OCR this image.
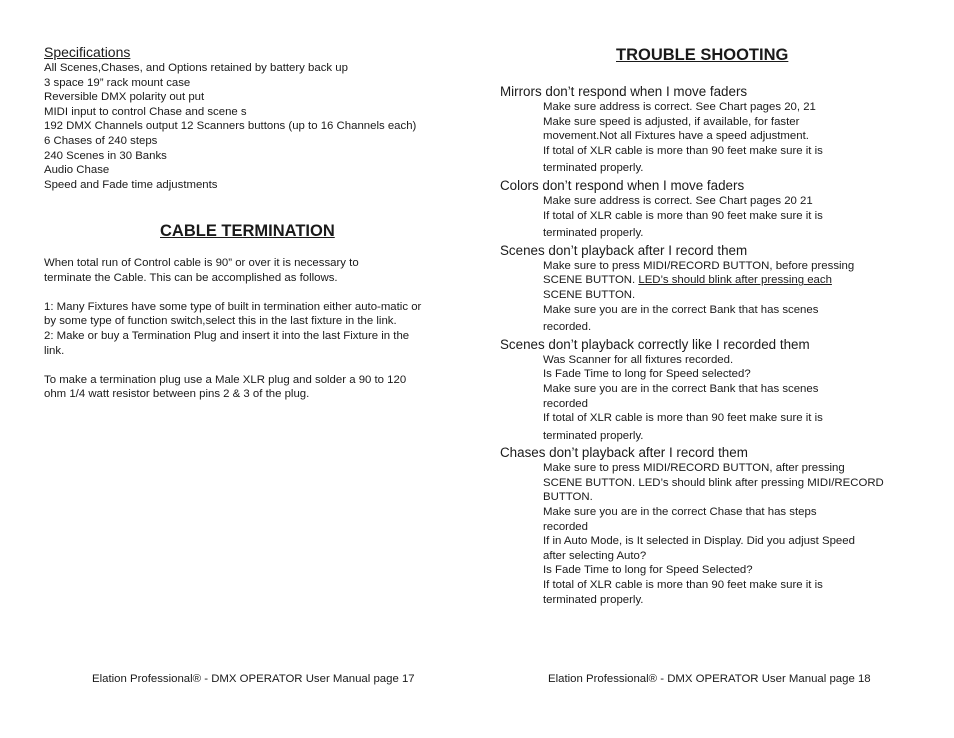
Specifications
All Scenes,Chases, and Options retained by battery back up
3 space 19” rack mount case
Reversible DMX polarity out put
MIDI input to control Chase and scene s
192 DMX Channels output 12 Scanners buttons (up to 16 Channels each)
6 Chases of 240 steps
240 Scenes in 30 Banks
Audio Chase
Speed and Fade time adjustments
CABLE TERMINATION

When total run of Control cable is 90” or over it is necessary to
terminate the Cable. This can be accomplished as follows.

1: Many Fixtures have some type of built in termination either auto-matic or
by some type of function switch,select this in the last fixture in the link.
2: Make or buy a Termination Plug and insert it into the last Fixture in the
link.

To make a termination plug use a Male XLR plug and solder a 90 to 120
ohm 1/4 watt resistor between pins 2 & 3 of the plug.

Elation Professional® - DMX OPERATOR User Manual page 17
TROUBLE SHOOTING
Mirrors don’t respond when I move faders
Make sure address is correct. See Chart pages 20, 21
Make sure speed is adjusted, if available, for faster
movement.Not all Fixtures have a speed adjustment.
If total of XLR cable is more than 90 feet make sure it is
terminated properly.
Colors don’t respond when I move faders
Make sure address is correct. See Chart pages 20 21
If total of XLR cable is more than 90 feet make sure it is
terminated properly.
Scenes don’t playback after I record them
Make sure to press MIDI/RECORD BUTTON, before pressing
SCENE BUTTON. LED’s should blink after pressing each
SCENE BUTTON.
Make sure you are in the correct Bank that has scenes
recorded.
Scenes don’t playback correctly like I recorded them
Was Scanner for all fixtures recorded.
Is Fade Time to long for Speed selected?
Make sure you are in the correct Bank that has scenes
recorded
If total of XLR cable is more than 90 feet make sure it is
terminated properly.
Chases don’t playback after I record them
Make sure to press MIDI/RECORD BUTTON, after pressing
SCENE BUTTON. LED’s should blink after pressing MIDI/RECORD
BUTTON.
Make sure you are in the correct Chase that has steps
recorded
If in Auto Mode, is It selected in Display. Did you adjust Speed
after selecting Auto?
Is Fade Time to long for Speed Selected?
If total of XLR cable is more than 90 feet make sure it is
terminated properly.
Elation Professional® - DMX OPERATOR User Manual page 18
